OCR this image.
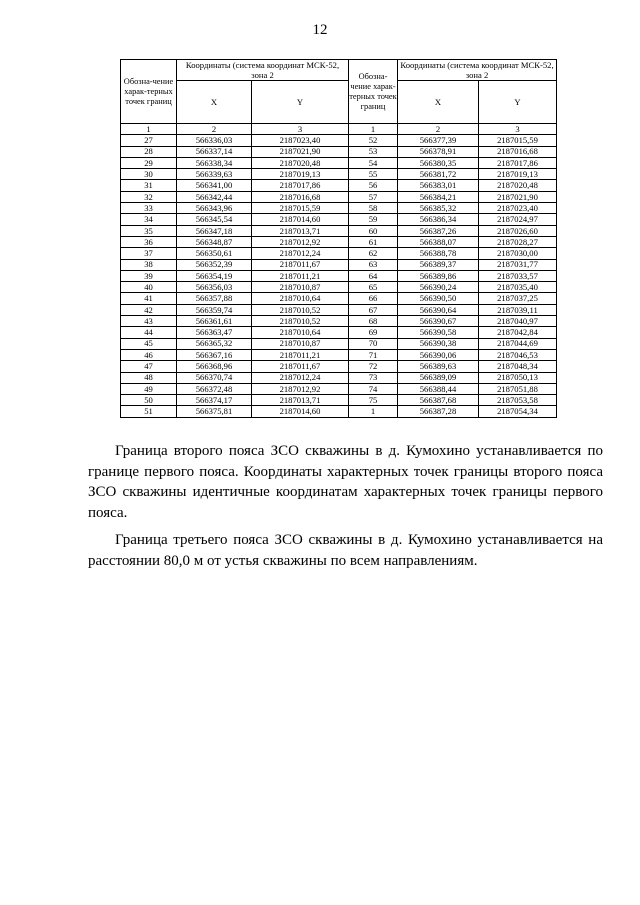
12
Обозна-чение харак-терных точек границ	Координаты (система координат МСК-52, зона 2		Обозна-чение харак-терных точек границ	Координаты (система координат МСК-52, зона 2	
	X	Y		X	Y
1	2	3	1	2	3
27	566336,03	2187023,40	52	566377,39	2187015,59
28	566337,14	2187021,90	53	566378,91	2187016,68
29	566338,34	2187020,48	54	566380,35	2187017,86
30	566339,63	2187019,13	55	566381,72	2187019,13
31	566341,00	2187017,86	56	566383,01	2187020,48
32	566342,44	2187016,68	57	566384,21	2187021,90
33	566343,96	2187015,59	58	566385,32	2187023,40
34	566345,54	2187014,60	59	566386,34	2187024,97
35	566347,18	2187013,71	60	566387,26	2187026,60
36	566348,87	2187012,92	61	566388,07	2187028,27
37	566350,61	2187012,24	62	566388,78	2187030,00
38	566352,39	2187011,67	63	566389,37	2187031,77
39	566354,19	2187011,21	64	566389,86	2187033,57
40	566356,03	2187010,87	65	566390,24	2187035,40
41	566357,88	2187010,64	66	566390,50	2187037,25
42	566359,74	2187010,52	67	566390,64	2187039,11
43	566361,61	2187010,52	68	566390,67	2187040,97
44	566363,47	2187010,64	69	566390,58	2187042,84
45	566365,32	2187010,87	70	566390,38	2187044,69
46	566367,16	2187011,21	71	566390,06	2187046,53
47	566368,96	2187011,67	72	566389,63	2187048,34
48	566370,74	2187012,24	73	566389,09	2187050,13
49	566372,48	2187012,92	74	566388,44	2187051,88
50	566374,17	2187013,71	75	566387,68	2187053,58
51	566375,81	2187014,60	1	566387,28	2187054,34

Граница второго пояса ЗСО скважины в д. Кумохино устанавливается по границе первого пояса. Координаты характерных точек границы второго пояса ЗСО скважины идентичные координатам характерных точек границы первого пояса.

Граница третьего пояса ЗСО скважины в д. Кумохино устанавливается на расстоянии 80,0 м от устья скважины по всем направлениям.
